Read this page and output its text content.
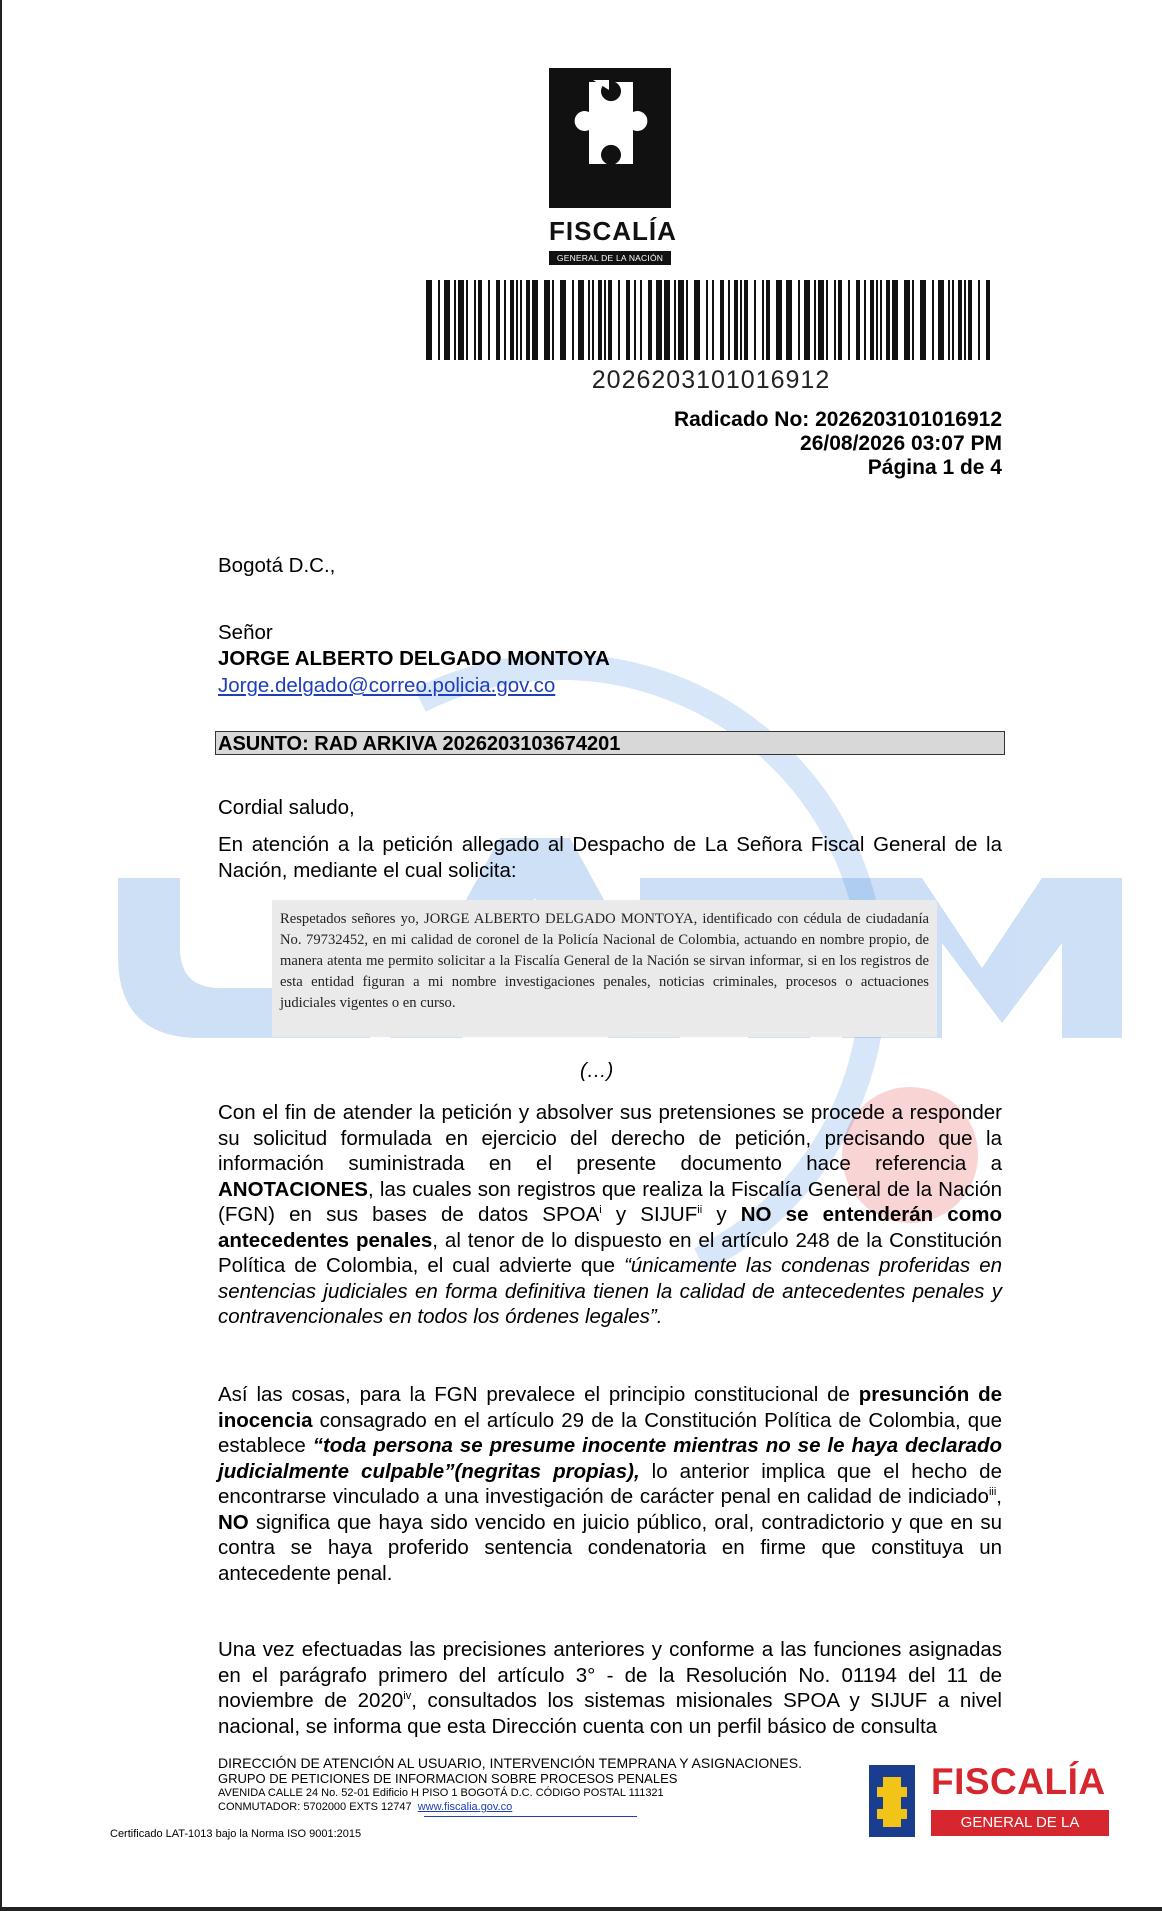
FISCALÍA
GENERAL DE LA NACIÓN
2026203101016912
Radicado No: 2026203101016912
26/08/2026 03:07 PM
Página 1 de 4
Bogotá D.C.,
Señor
JORGE ALBERTO DELGADO MONTOYA
Jorge.delgado@correo.policia.gov.co
ASUNTO: RAD ARKIVA 202620310367420​1
Cordial saludo,
En atención a la petición allegado al Despacho de La Señora Fiscal General de la Nación, mediante el cual solicita:
Respetados señores yo, JORGE ALBERTO DELGADO MONTOYA, identificado con cédula de ciudadanía No. 79732452, en mi calidad de coronel de la Policía Nacional de Colombia, actuando en nombre propio, de manera atenta me permito solicitar a la Fiscalía General de la Nación se sirvan informar, si en los registros de esta entidad figuran a mi nombre investigaciones penales, noticias criminales, procesos o actuaciones judiciales vigentes o en curso.
(…)
Con el fin de atender la petición y absolver sus pretensiones se procede a responder su solicitud formulada en ejercicio del derecho de petición, precisando que la información suministrada en el presente documento hace referencia a ANOTACIONES, las cuales son registros que realiza la Fiscalía General de la Nación (FGN) en sus bases de datos SPOA$^i$ y SIJUF$^{ii}$ y NO se entenderán como antecedentes penales, al tenor de lo dispuesto en el artículo 248 de la Constitución Política de Colombia, el cual advierte que “únicamente las condenas proferidas en sentencias judiciales en forma definitiva tienen la calidad de antecedentes penales y contravencionales en todos los órdenes legales”.
Así las cosas, para la FGN prevalece el principio constitucional de presunción de inocencia consagrado en el artículo 29 de la Constitución Política de Colombia, que establece “toda persona se presume inocente mientras no se le haya declarado judicialmente culpable”(negritas propias), lo anterior implica que el hecho de encontrarse vinculado a una investigación de carácter penal en calidad de indiciado$^{iii}$, NO significa que haya sido vencido en juicio público, oral, contradictorio y que en su contra se haya proferido sentencia condenatoria en firme que constituya un antecedente penal.
Una vez efectuadas las precisiones anteriores y conforme a las funciones asignadas en el parágrafo primero del artículo 3° - de la Resolución No. 01194 del 11 de noviembre de 2020$^{iv}$, consultados los sistemas misionales SPOA y SIJUF a nivel nacional, se informa que esta Dirección cuenta con un perfil básico de consulta
DIRECCIÓN DE ATENCIÓN AL USUARIO, INTERVENCIÓN TEMPRANA Y ASIGNACIONES.
GRUPO DE PETICIONES DE INFORMACION SOBRE PROCESOS PENALES
AVENIDA CALLE 24 No. 52-01 Edificio H PISO 1 BOGOTÁ D.C. CÓDIGO POSTAL 111321
CONMUTADOR: 5702000 EXTS 12747 www.fiscalia.gov.co
Certificado LAT-1013 bajo la Norma ISO 9001:2015
FISCALÍA
GENERAL DE LA NACIÓN
